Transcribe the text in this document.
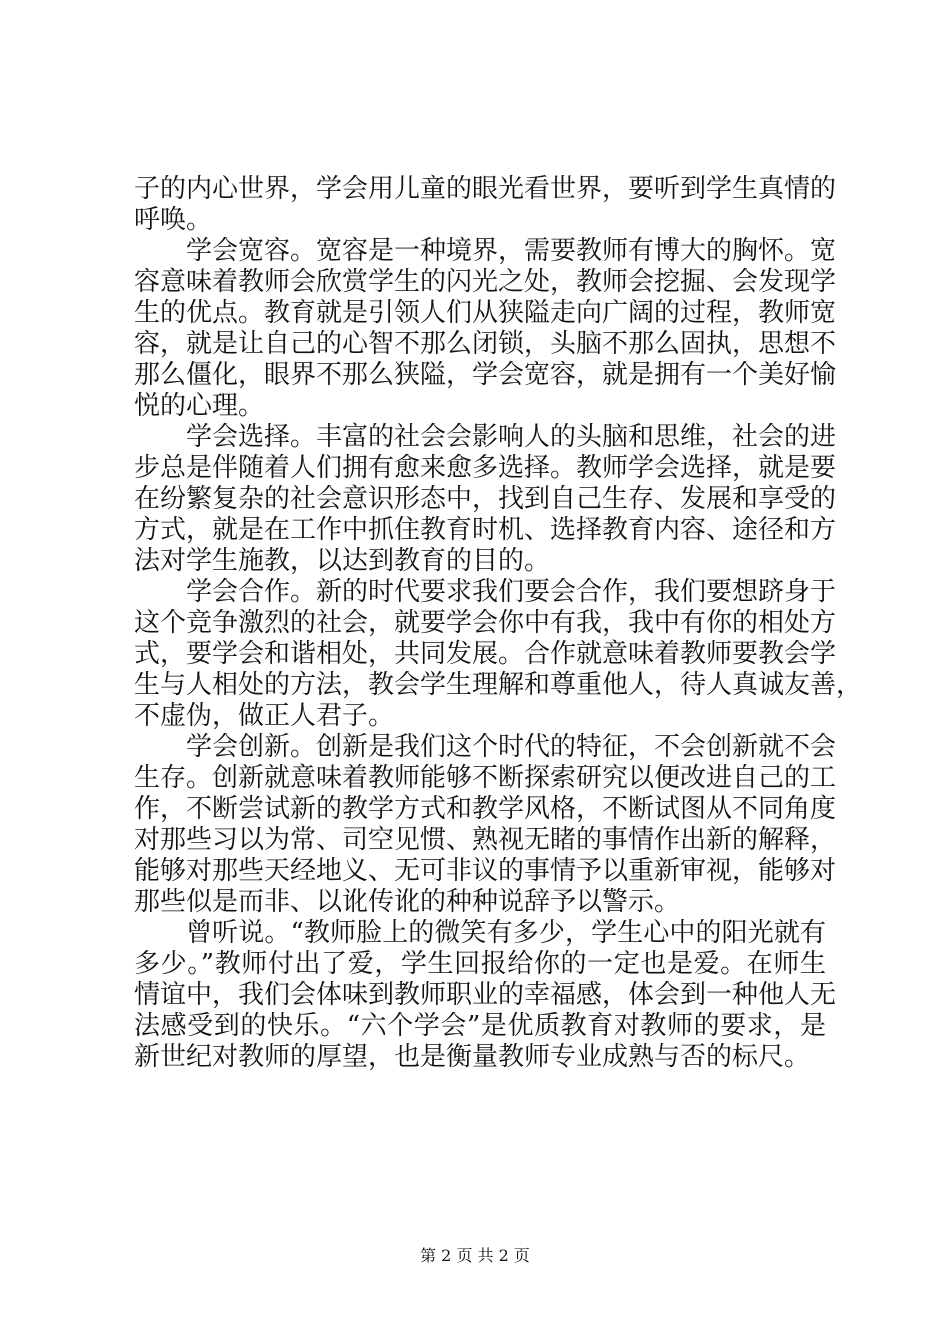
子的内心世界，学会用儿童的眼光看世界，要听到学生真情的
呼唤。
学会宽容。宽容是一种境界，需要教师有博大的胸怀。宽
容意味着教师会欣赏学生的闪光之处，教师会挖掘、会发现学
生的优点。教育就是引领人们从狭隘走向广阔的过程，教师宽
容，就是让自己的心智不那么闭锁，头脑不那么固执，思想不
那么僵化，眼界不那么狭隘，学会宽容，就是拥有一个美好愉
悦的心理。
学会选择。丰富的社会会影响人的头脑和思维，社会的进
步总是伴随着人们拥有愈来愈多选择。教师学会选择，就是要
在纷繁复杂的社会意识形态中，找到自己生存、发展和享受的
方式，就是在工作中抓住教育时机、选择教育内容、途径和方
法对学生施教，以达到教育的目的。
学会合作。新的时代要求我们要会合作，我们要想跻身于
这个竞争激烈的社会，就要学会你中有我，我中有你的相处方
式，要学会和谐相处，共同发展。合作就意味着教师要教会学
生与人相处的方法，教会学生理解和尊重他人，待人真诚友善，
不虚伪，做正人君子。
学会创新。创新是我们这个时代的特征，不会创新就不会
生存。创新就意味着教师能够不断探索研究以便改进自己的工
作，不断尝试新的教学方式和教学风格，不断试图从不同角度
对那些习以为常、司空见惯、熟视无睹的事情作出新的解释，
能够对那些天经地义、无可非议的事情予以重新审视，能够对
那些似是而非、以讹传讹的种种说辞予以警示。
曾听说。“教师脸上的微笑有多少，学生心中的阳光就有
多少。”教师付出了爱，学生回报给你的一定也是爱。在师生
情谊中，我们会体味到教师职业的幸福感，体会到一种他人无
法感受到的快乐。“六个学会”是优质教育对教师的要求，是
新世纪对教师的厚望，也是衡量教师专业成熟与否的标尺。
第 2 页 共 2 页
